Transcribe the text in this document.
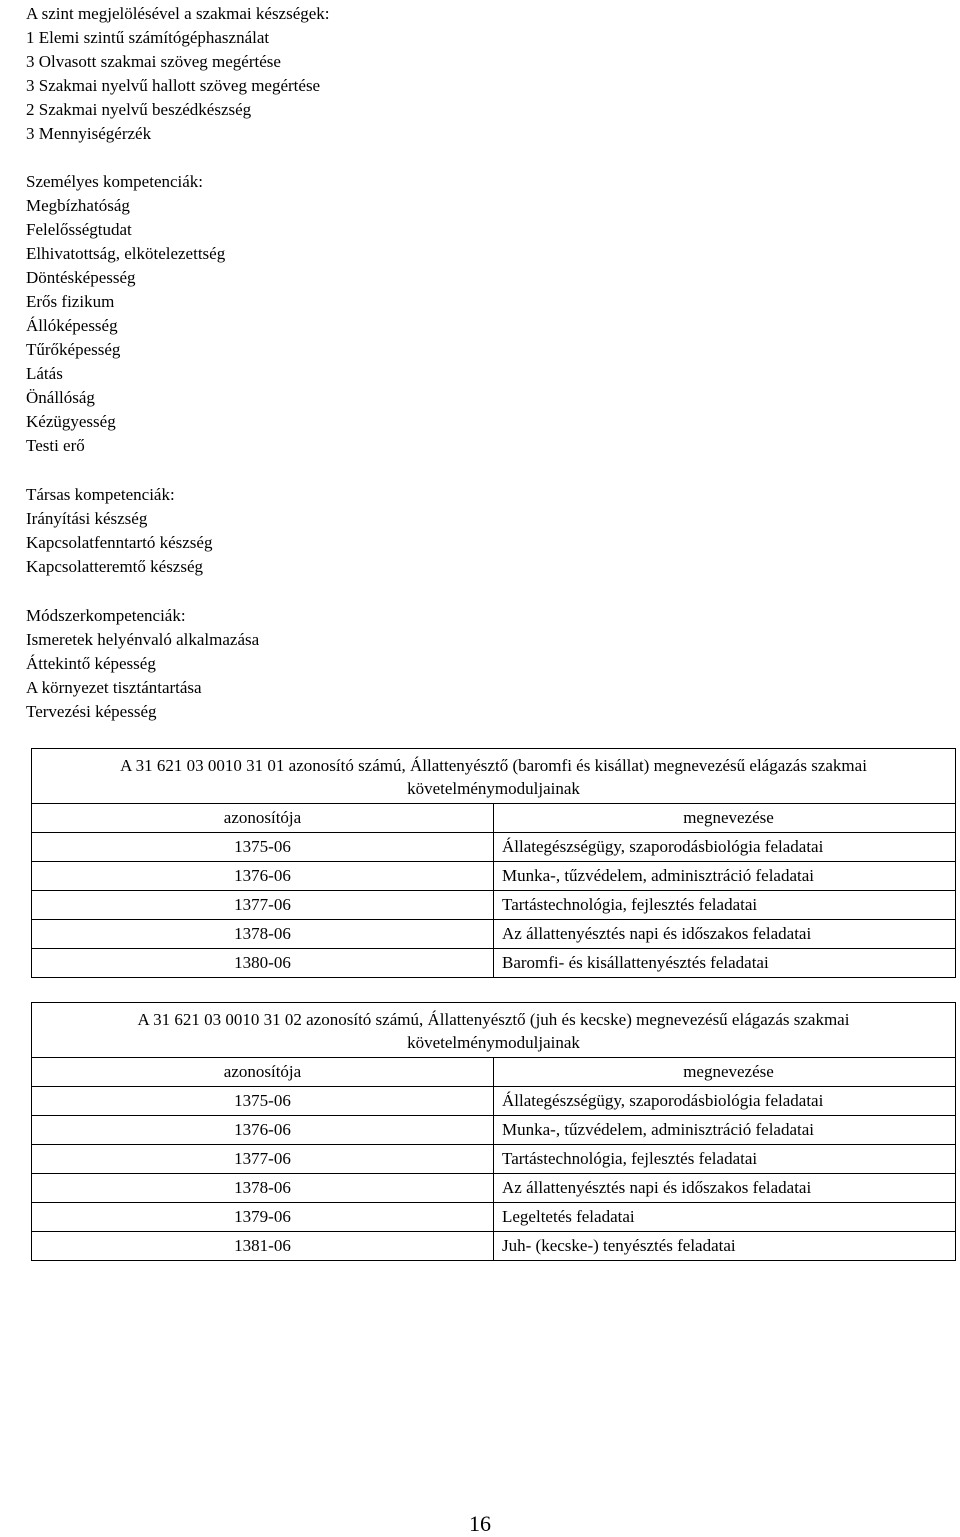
A szint megjelölésével a szakmai készségek:
1 Elemi szintű számítógéphasználat
3 Olvasott szakmai szöveg megértése
3 Szakmai nyelvű hallott szöveg megértése
2 Szakmai nyelvű beszédkészség
3 Mennyiségérzék
Személyes kompetenciák:
Megbízhatóság
Felelősségtudat
Elhivatottság, elkötelezettség
Döntésképesség
Erős fizikum
Állóképesség
Tűrőképesség
Látás
Önállóság
Kézügyesség
Testi erő
Társas kompetenciák:
Irányítási készség
Kapcsolatfenntartó készség
Kapcsolatteremtő készség
Módszerkompetenciák:
Ismeretek helyénvaló alkalmazása
Áttekintő képesség
A környezet tisztántartása
Tervezési képesség
A 31 621 03 0010 31 01 azonosító számú, Állattenyésztő (baromfi és kisállat) megnevezésű elágazás szakmai
követelménymoduljainak	

azonosítója	megnevezése
1375-06	Állategészségügy, szaporodásbiológia feladatai
1376-06	Munka-, tűzvédelem, adminisztráció feladatai
1377-06	Tartástechnológia, fejlesztés feladatai
1378-06	Az állattenyésztés napi és időszakos feladatai
1380-06	Baromfi- és kisállattenyésztés feladatai
A 31 621 03 0010 31 02 azonosító számú, Állattenyésztő (juh és kecske) megnevezésű elágazás szakmai
követelménymoduljainak	

azonosítója	megnevezése
1375-06	Állategészségügy, szaporodásbiológia feladatai
1376-06	Munka-, tűzvédelem, adminisztráció feladatai
1377-06	Tartástechnológia, fejlesztés feladatai
1378-06	Az állattenyésztés napi és időszakos feladatai
1379-06	Legeltetés feladatai
1381-06	Juh- (kecske-) tenyésztés feladatai
16
